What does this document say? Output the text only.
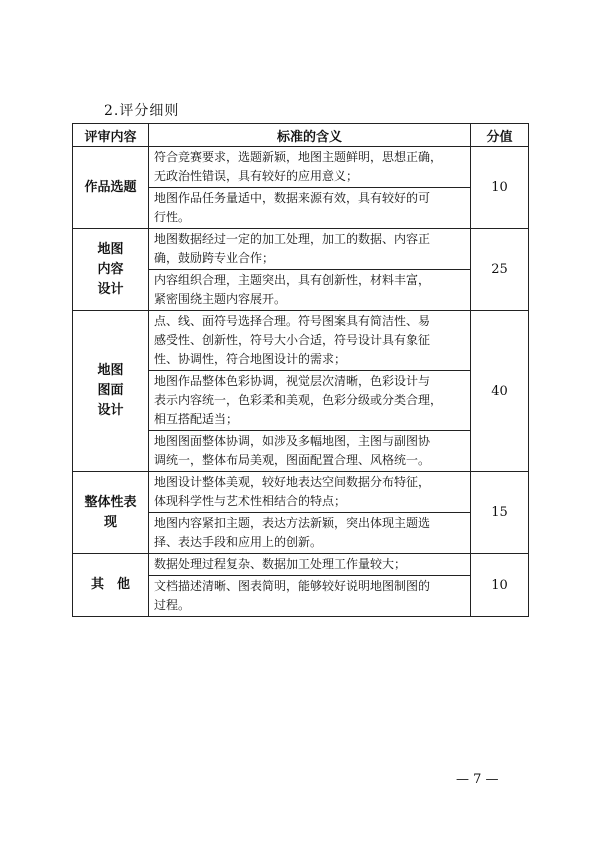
2.评分细则
评审内容	标准的含义	分值

作品选题	符合竞赛要求，选题新颖，地图主题鲜明，思想正确，
无政治性错误，具有较好的应用意义；	10

	地图作品任务量适中，数据来源有效，具有较好的可
行性。	

地图
内容
设计	地图数据经过一定的加工处理，加工的数据、内容正
确，鼓励跨专业合作；	25

	内容组织合理，主题突出，具有创新性，材料丰富，
紧密围绕主题内容展开。	

地图
图面
设计	点、线、面符号选择合理。符号图案具有简洁性、易
感受性、创新性，符号大小合适，符号设计具有象征
性、协调性，符合地图设计的需求；	40

	地图作品整体色彩协调，视觉层次清晰，色彩设计与
表示内容统一，色彩柔和美观，色彩分级或分类合理，
相互搭配适当；	

	地图图面整体协调，如涉及多幅地图，主图与副图协
调统一，整体布局美观，图面配置合理、风格统一。	

整体性表
现	地图设计整体美观，较好地表达空间数据分布特征，
体现科学性与艺术性相结合的特点；	15

	地图内容紧扣主题，表达方法新颖，突出体现主题选
择、表达手段和应用上的创新。	

其　他	数据处理过程复杂、数据加工处理工作量较大；	10

	文档描述清晰、图表简明，能够较好说明地图制图的
过程。	
— 7 —
